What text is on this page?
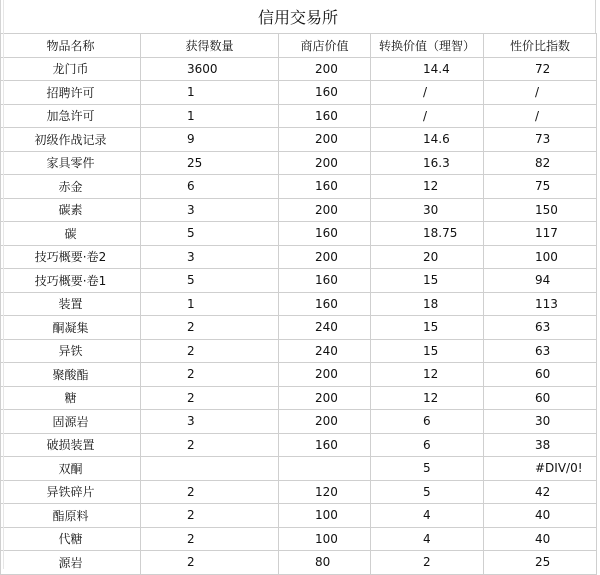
信用交易所
物品名称	获得数量	商店价值	转换价值（理智）	性价比指数
龙门币	3600	200	14.4	72
招聘许可	1	160	/	/
加急许可	1	160	/	/
初级作战记录	9	200	14.6	73
家具零件	25	200	16.3	82
赤金	6	160	12	75
碳素	3	200	30	150
碳	5	160	18.75	117
技巧概要·卷2	3	200	20	100
技巧概要·卷1	5	160	15	94
装置	1	160	18	113
酮凝集	2	240	15	63
异铁	2	240	15	63
聚酸酯	2	200	12	60
糖	2	200	12	60
固源岩	3	200	6	30
破损装置	2	160	6	38
双酮			5	#DIV/0!
异铁碎片	2	120	5	42
酯原料	2	100	4	40
代糖	2	100	4	40
源岩	2	80	2	25
